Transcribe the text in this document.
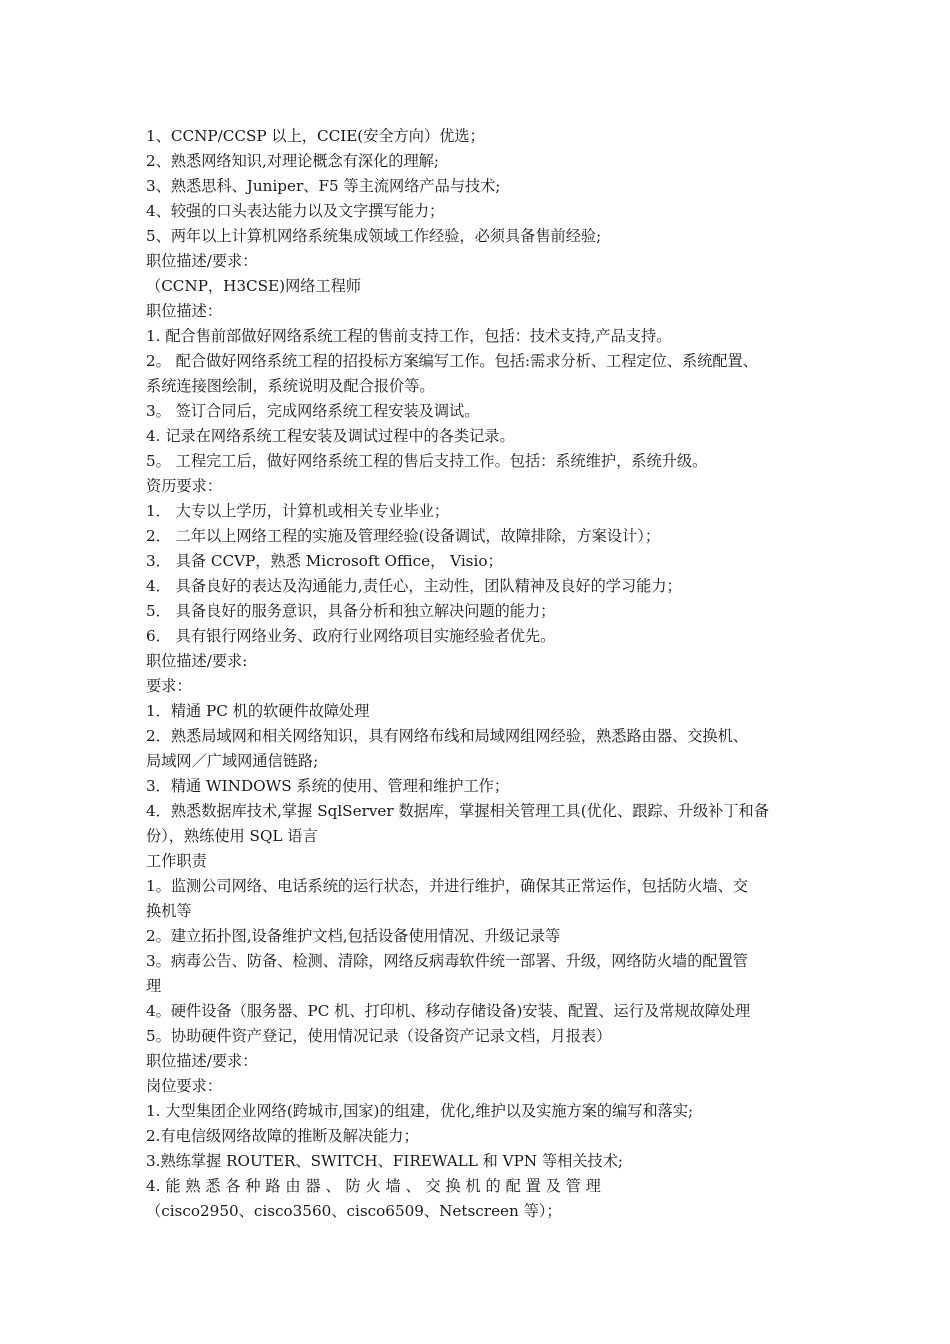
1、CCNP/CCSP 以上，CCIE(安全方向）优选；
2、熟悉网络知识,对理论概念有深化的理解;
3、熟悉思科、Juniper、F5 等主流网络产品与技术;
4、较强的口头表达能力以及文字撰写能力；
5、两年以上计算机网络系统集成领域工作经验，必须具备售前经验;
职位描述/要求：
（CCNP，H3CSE)网络工程师
职位描述：
1. 配合售前部做好网络系统工程的售前支持工作，包括：技术支持,产品支持。
2。 配合做好网络系统工程的招投标方案编写工作。包括:需求分析、工程定位、系统配置、
系统连接图绘制，系统说明及配合报价等。
3。 签订合同后，完成网络系统工程安装及调试。
4. 记录在网络系统工程安装及调试过程中的各类记录。
5。 工程完工后，做好网络系统工程的售后支持工作。包括：系统维护，系统升级。
资历要求：
1． 大专以上学历，计算机或相关专业毕业；
2． 二年以上网络工程的实施及管理经验(设备调试，故障排除，方案设计）；
3． 具备 CCVP，熟悉 Microsoft Office， Visio；
4． 具备良好的表达及沟通能力,责任心，主动性，团队精神及良好的学习能力；
5． 具备良好的服务意识，具备分析和独立解决问题的能力；
6． 具有银行网络业务、政府行业网络项目实施经验者优先。
职位描述/要求:
要求：
1．精通 PC 机的软硬件故障处理
2．熟悉局域网和相关网络知识，具有网络布线和局域网组网经验，熟悉路由器、交换机、
局域网／广域网通信链路;
3．精通 WINDOWS 系统的使用、管理和维护工作；
4．熟悉数据库技术,掌握 SqlServer 数据库，掌握相关管理工具(优化、跟踪、升级补丁和备
份），熟练使用 SQL 语言
工作职责
1。监测公司网络、电话系统的运行状态，并进行维护，确保其正常运作，包括防火墙、交
换机等
2。建立拓扑图,设备维护文档,包括设备使用情况、升级记录等
3。病毒公告、防备、检测、清除，网络反病毒软件统一部署、升级，网络防火墙的配置管
理
4。硬件设备（服务器、PC 机、打印机、移动存储设备)安装、配置、运行及常规故障处理
5。协助硬件资产登记，使用情况记录（设备资产记录文档，月报表）
职位描述/要求：
岗位要求：
1. 大型集团企业网络(跨城市,国家)的组建，优化,维护以及实施方案的编写和落实;
2.有电信级网络故障的推断及解决能力；
3.熟练掌握 ROUTER、SWITCH、FIREWALL 和 VPN 等相关技术;
4. 能 熟 悉 各 种 路 由 器 、 防 火 墙 、 交 换 机 的 配 置 及 管 理
（cisco2950、cisco3560、cisco6509、Netscreen 等）；
